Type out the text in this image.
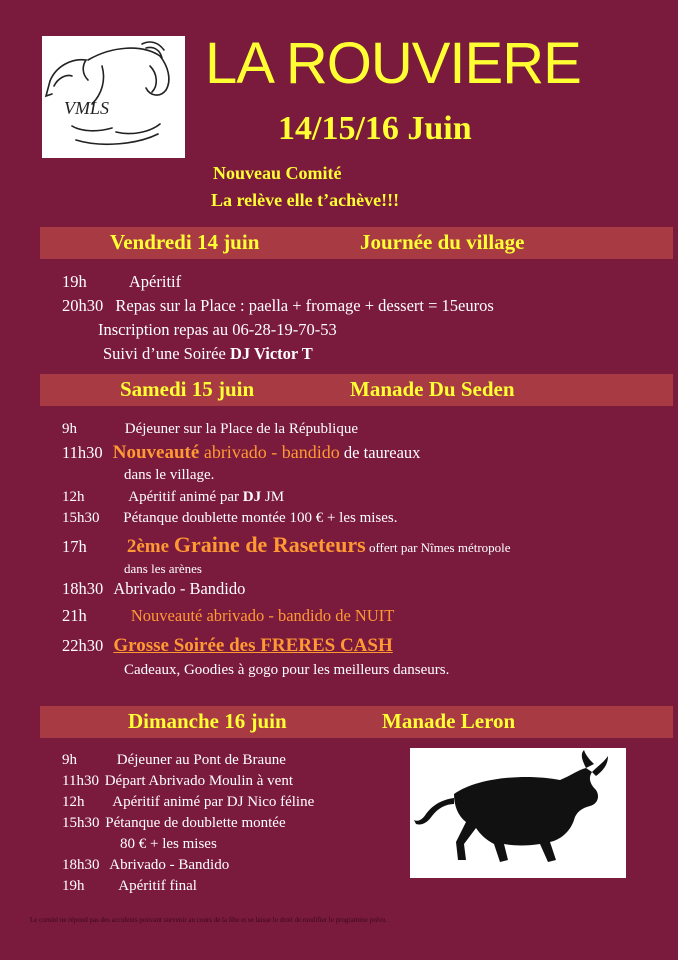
VMLS
LA ROUVIERE
14/15/16 Juin
Nouveau Comité
La relève elle t’achève!!!
Vendredi 14 juin	Journée du village
19h	Apéritif
20h30 Repas sur la Place : paella + fromage + dessert = 15euros
Inscription repas au 06-28-19-70-53
Suivi d’une Soirée DJ Victor T
Samedi 15 juin	Manade Du Seden
9h	Déjeuner sur la Place de la République
11h30 Nouveauté abrivado - bandido de taureaux
dans le village.
12h	Apéritif animé par DJ JM
15h30 Pétanque doublette montée 100 € + les mises.
17h 2ème Graine de Raseteurs offert par Nîmes métropole
dans les arènes
18h30 Abrivado - Bandido
21h	Nouveauté abrivado - bandido de NUIT
22h30 Grosse Soirée des FRERES CASH
Cadeaux, Goodies à gogo pour les meilleurs danseurs.
Dimanche 16 juin	Manade Leron
9h	Déjeuner au Pont de Braune
11h30 Départ Abrivado Moulin à vent
12h Apéritif animé par DJ Nico féline
15h30 Pétanque de doublette montée
80 € + les mises
18h30 Abrivado - Bandido
19h Apéritif final
Le comité ne répond pas des accidents pouvant survenir au cours de la fête et se laisse le droit de modifier le programme prévu.
